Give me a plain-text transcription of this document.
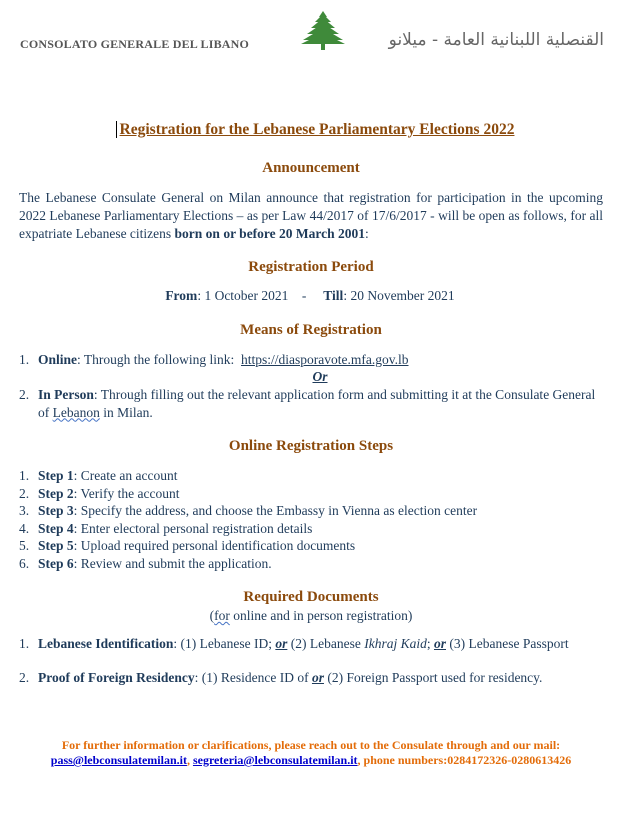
CONSOLATO GENERALE DEL LIBANO	القنصلية اللبنانية العامة - ميلانو
Registration for the Lebanese Parliamentary Elections 2022
Announcement
The Lebanese Consulate General on Milan announce that registration for participation in the upcoming 2022 Lebanese Parliamentary Elections – as per Law 44/2017 of 17/6/2017 - will be open as follows, for all expatriate Lebanese citizens born on or before 20 March 2001:
Registration Period
From: 1 October 2021 - Till: 20 November 2021
Means of Registration
1. Online: Through the following link:  https://diasporavote.mfa.gov.lb
Or
2. In Person: Through filling out the relevant application form and submitting it at the Consulate General of Lebanon in Milan.
Online Registration Steps
1. Step 1: Create an account
2. Step 2: Verify the account
3. Step 3: Specify the address, and choose the Embassy in Vienna as election center
4. Step 4: Enter electoral personal registration details
5. Step 5: Upload required personal identification documents
6. Step 6: Review and submit the application.
Required Documents
(for online and in person registration)
1. Lebanese Identification: (1) Lebanese ID; or (2) Lebanese Ikhraj Kaid; or (3) Lebanese Passport
2. Proof of Foreign Residency: (1) Residence ID of or (2) Foreign Passport used for residency.
For further information or clarifications, please reach out to the Consulate through and our mail:
pass@lebconsulatemilan.it, segreteria@lebconsulatemilan.it, phone numbers:0284172326-0280613426
